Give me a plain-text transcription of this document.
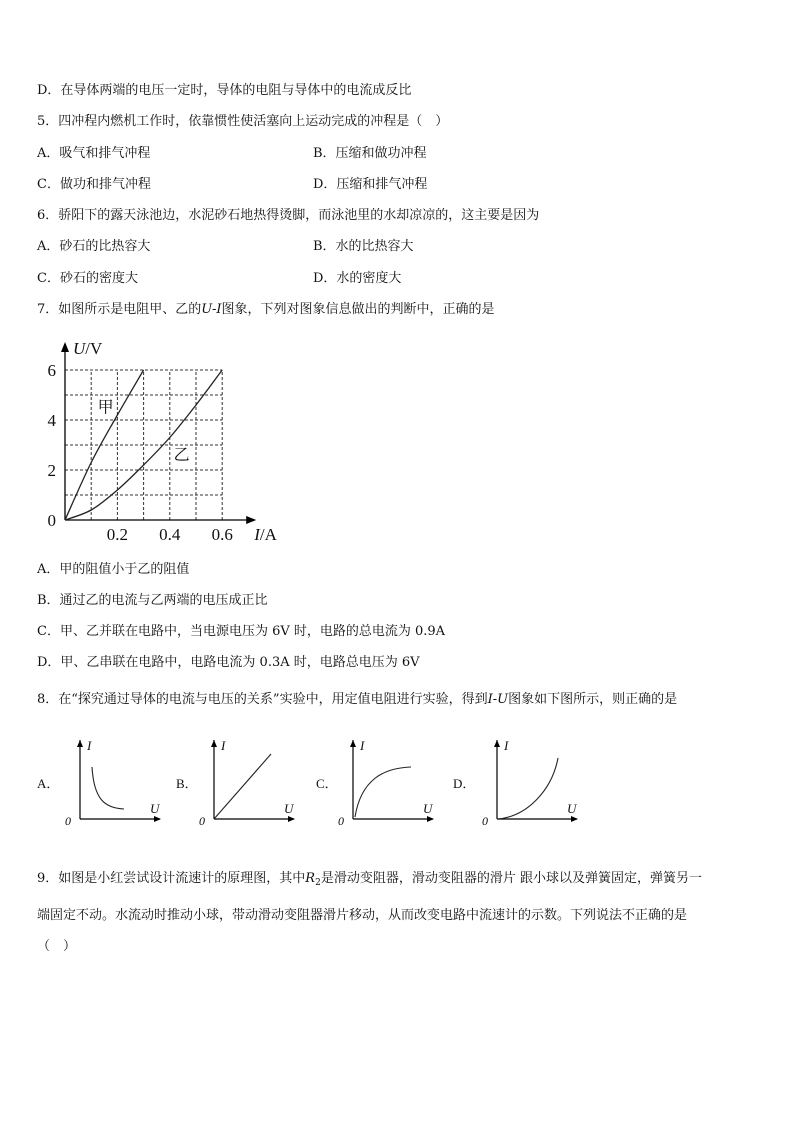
D．在导体两端的电压一定时，导体的电阻与导体中的电流成反比
5．四冲程内燃机工作时，依靠惯性使活塞向上运动完成的冲程是（　）
A．吸气和排气冲程	B．压缩和做功冲程
C．做功和排气冲程	D．压缩和排气冲程
6．骄阳下的露天泳池边，水泥砂石地热得烫脚，而泳池里的水却凉凉的，这主要是因为
A．砂石的比热容大	B．水的比热容大
C．砂石的密度大	D．水的密度大
7．如图所示是电阻甲、乙的U-I图象，下列对图象信息做出的判断中，正确的是
0
2
4
6
0.2 0.4 0.6
U/V
I/A
甲
乙
A．甲的阻值小于乙的阻值
B．通过乙的电流与乙两端的电压成正比
C．甲、乙并联在电路中，当电源电压为 6V 时，电路的总电流为 0.9A
D．甲、乙串联在电路中，电路电流为 0.3A 时，电路总电压为 6V
8．在“探究通过导体的电流与电压的关系”实验中，用定值电阻进行实验，得到I-U图象如下图所示，则正确的是
A．
I
U
0
B．
I
U
0
C．
I
U
0
D．
I
U
0
9．如图是小红尝试设计流速计的原理图，其中$R_2$是滑动变阻器，滑动变阻器的滑片 跟小球以及弹簧固定，弹簧另一
端固定不动。水流动时推动小球，带动滑动变阻器滑片移动，从而改变电路中流速计的示数。下列说法不正确的是
（　）
